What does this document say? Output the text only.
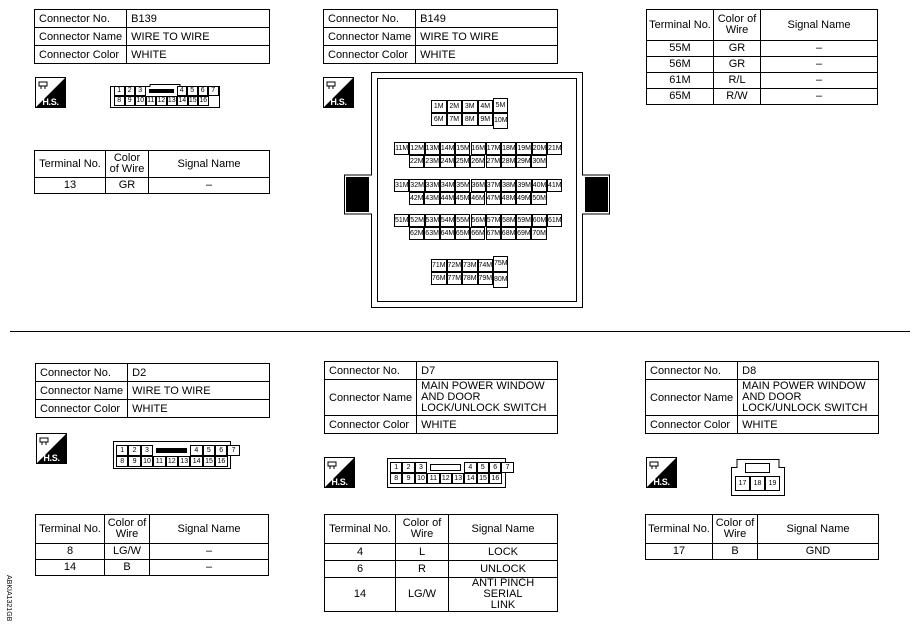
Connector No.	B139
Connector Name	WIRE TO WIRE
Connector Color	WHITE
H.S.
1 2 3	4 5 6 7
8 9 10 11 12 13 14 15 16
Terminal No.	Color of Wire	Signal Name
13	GR	–
Connector No.	B149
Connector Name	WIRE TO WIRE
Connector Color	WHITE
H.S.	1M 2M 3M 4M
6M 7M 8M 9M
5M
10M
11M 12M 13M 14M 15M 16M 17M 18M 19M 20M 21M
22M 23M 24M 25M 26M 27M 28M 29M 30M
31M 32M 33M 34M 35M 36M 37M 38M 39M 40M 41M
42M 43M 44M 45M 46M 47M 48M 49M 50M
51M 52M 53M 54M 55M 56M 57M 58M 59M 60M 61M
62M 63M 64M 65M 66M 67M 68M 69M 70M
71M 72M 73M 74M
76M 77M 78M 79M
75M
80M
Terminal No.	Color of Wire	Signal Name
55M	GR	–
56M	GR	–
61M	R/L	–
65M	R/W	–
Connector No.	D2
Connector Name	WIRE TO WIRE
Connector Color	WHITE
H.S.
1	2	3	4	5	6	7
8	9 10 11 12 13 14 15 16
Terminal No.	Color of Wire	Signal Name
8	LG/W	–
14	B	–
Connector No.	D7
Connector Name	MAIN POWER WINDOW AND DOOR LOCK/UNLOCK SWITCH
Connector Color	WHITE
H.S.
1	2	3	4	5	6	7
8	9 10 11 12 13 14 15 16
Terminal No.	Color of Wire	Signal Name
4	L	LOCK
6	R	UNLOCK
14	LG/W	ANTI PINCH SERIAL LINK
Connector No.	D8
Connector Name	MAIN POWER WINDOW AND DOOR LOCK/UNLOCK SWITCH
Connector Color	WHITE
H.S.	17	18	19
Terminal No.	Color of Wire	Signal Name
17	B	GND
ABKIA1321GB
